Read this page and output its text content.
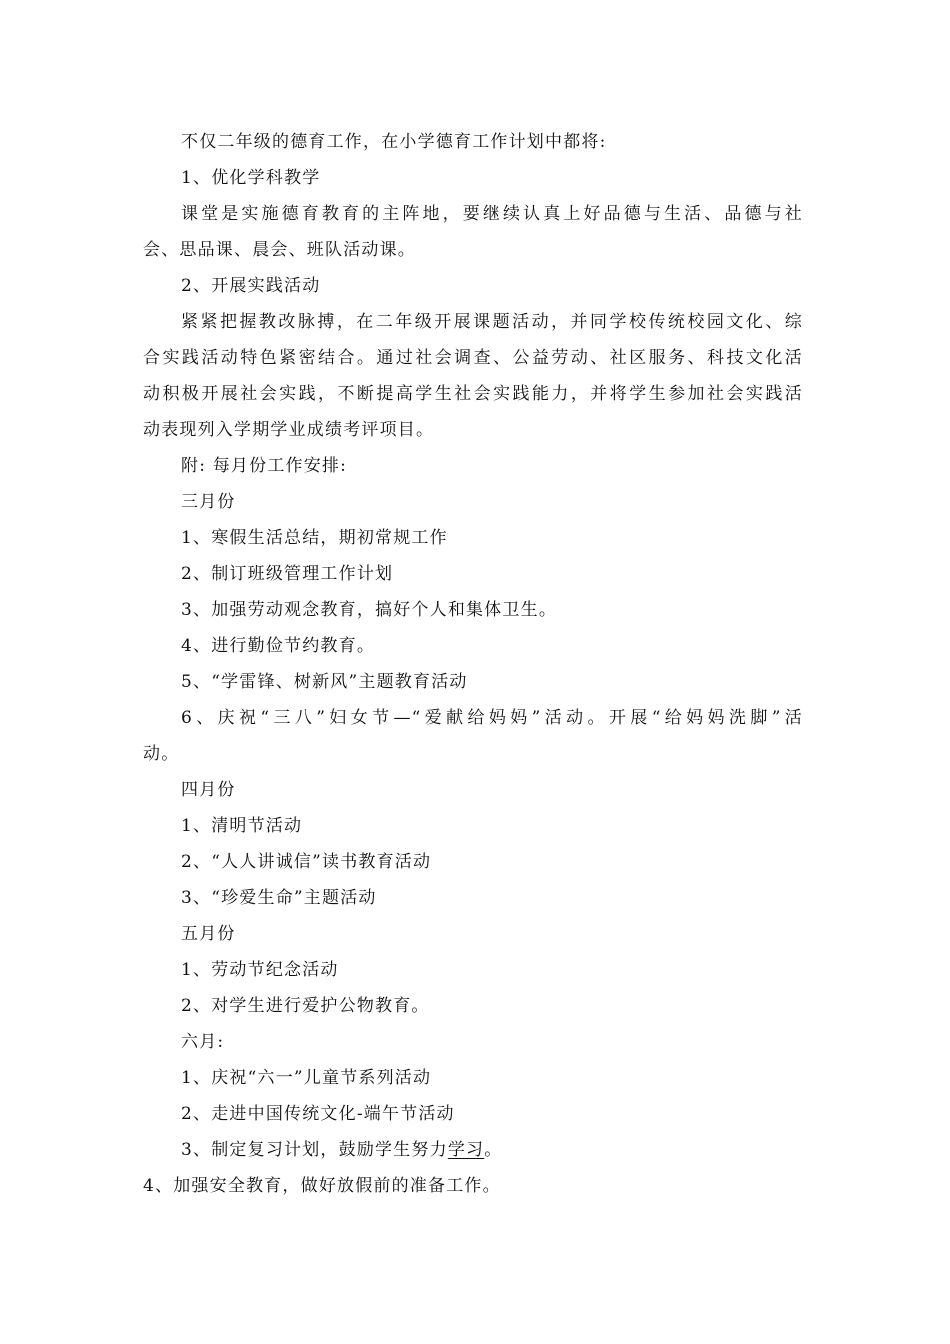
不仅二年级的德育工作，在小学德育工作计划中都将:
1、优化学科教学
课堂是实施德育教育的主阵地，要继续认真上好品德与生活、品德与社
会、思品课、晨会、班队活动课。
2、开展实践活动
紧紧把握教改脉搏，在二年级开展课题活动，并同学校传统校园文化、综
合实践活动特色紧密结合。通过社会调查、公益劳动、社区服务、科技文化活
动积极开展社会实践，不断提高学生社会实践能力，并将学生参加社会实践活
动表现列入学期学业成绩考评项目。
附: 每月份工作安排:
三月份
1、寒假生活总结，期初常规工作
2、制订班级管理工作计划
3、加强劳动观念教育，搞好个人和集体卫生。
4、进行勤俭节约教育。
5、“学雷锋、树新风”主题教育活动
6、庆祝“三八”妇女节—“爱献给妈妈”活动。开展“给妈妈洗脚”活
动。
四月份
1、清明节活动
2、“人人讲诚信”读书教育活动
3、“珍爱生命”主题活动
五月份
1、劳动节纪念活动
2、对学生进行爱护公物教育。
六月:
1、庆祝“六一”儿童节系列活动
2、走进中国传统文化-端午节活动
3、制定复习计划，鼓励学生努力学习。
4、加强安全教育，做好放假前的准备工作。
